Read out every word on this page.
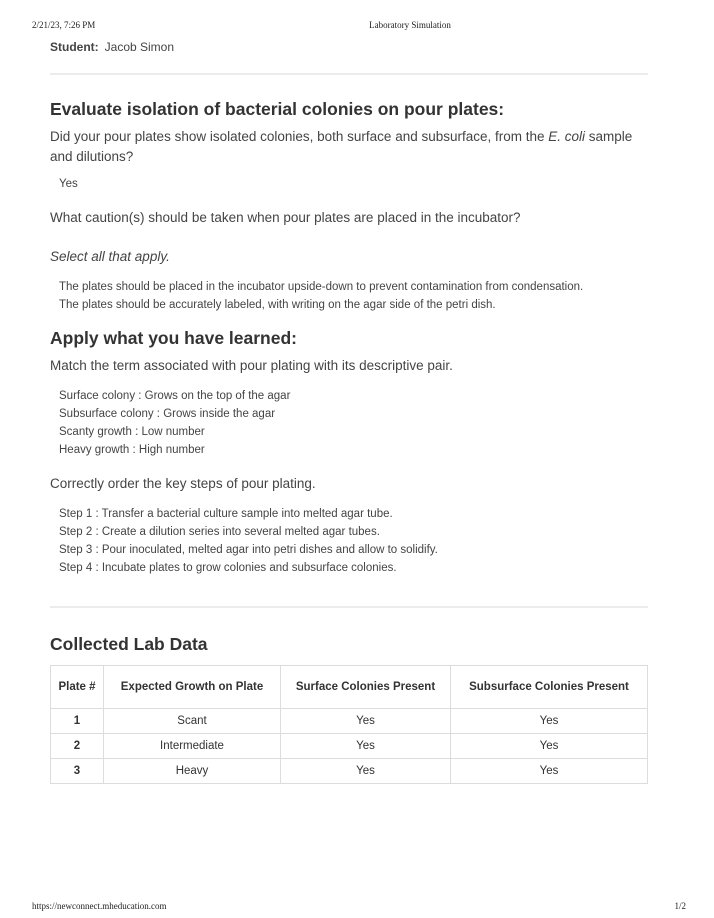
2/21/23, 7:26 PM	Laboratory Simulation
Student: Jacob Simon
Evaluate isolation of bacterial colonies on pour plates:

Did your pour plates show isolated colonies, both surface and subsurface, from the E. coli sample and dilutions?

Yes

What caution(s) should be taken when pour plates are placed in the incubator?

Select all that apply.

The plates should be placed in the incubator upside-down to prevent contamination from condensation.
The plates should be accurately labeled, with writing on the agar side of the petri dish.
Apply what you have learned:

Match the term associated with pour plating with its descriptive pair.

Surface colony : Grows on the top of the agar
Subsurface colony : Grows inside the agar
Scanty growth : Low number
Heavy growth : High number

Correctly order the key steps of pour plating.

Step 1 : Transfer a bacterial culture sample into melted agar tube.
Step 2 : Create a dilution series into several melted agar tubes.
Step 3 : Pour inoculated, melted agar into petri dishes and allow to solidify.
Step 4 : Incubate plates to grow colonies and subsurface colonies.
Collected Lab Data
Plate #	Expected Growth on Plate	Surface Colonies Present	Subsurface Colonies Present
1	Scant	Yes	Yes
2	Intermediate	Yes	Yes
3	Heavy	Yes	Yes
https://newconnect.mheducation.com	1/2
